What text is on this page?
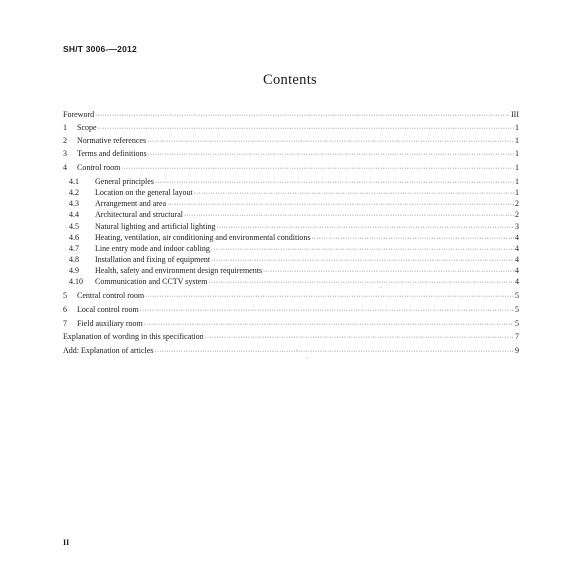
SH/T 3006-—2012
Contents
Foreword ·····	III
1	Scope ·····	1
2	Normative references ·····	1
3	Terms and definitions ·····	1
4	Control room ·····	1
4.1	General principles ·····	1
4.2	Location on the general layout ·····	1
4.3	Arrangement and area ·····	2
4.4	Architectural and structural ·····	2
4.5	Natural lighting and artificial lighting ·····	3
4.6	Heating, ventilation, air conditioning and environmental conditions ·····	4
4.7	Line entry mode and indoor cabling ·····	4
4.8	Installation and fixing of equipment ·····	4
4.9	Health, safety and environment design requirements ·····	4
4.10	Communication and CCTV system ·····	4
5	Central control room ·····	5
6	Local control room ·····	5
7	Field auxiliary room ·····	5
Explanation of wording in this specification ·····	7
Add: Explanation of articles ·····	9
·
·
·
II
